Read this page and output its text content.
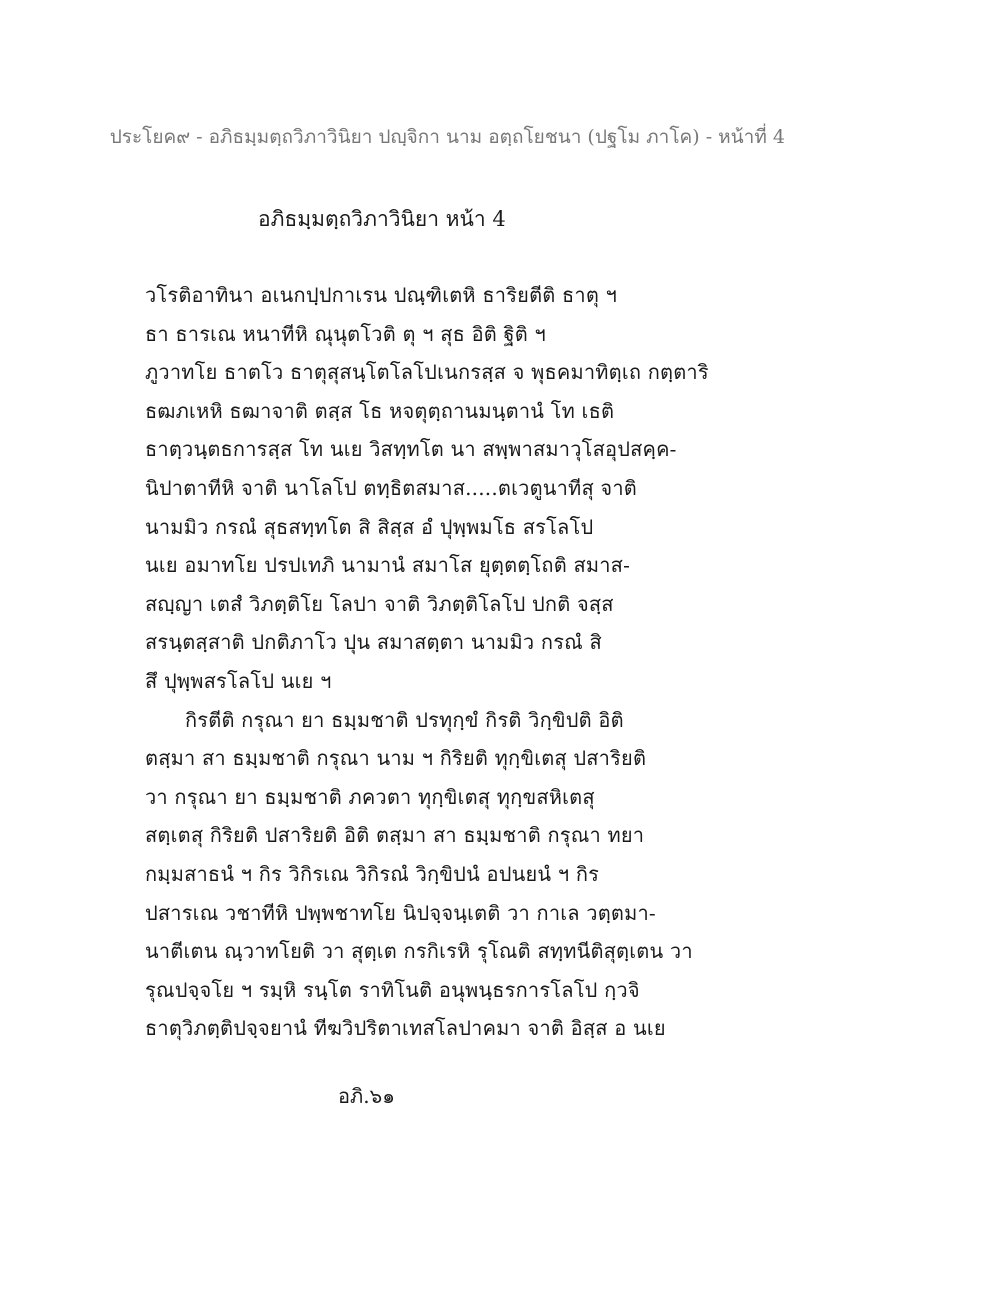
ประโยค๙ - อภิธมฺมตฺถวิภาวินิยา ปญฺจิกา นาม อตฺถโยชนา (ปฐโม ภาโค) - หน้าที่ 4
อภิธมฺมตฺถวิภาวินิยา หน้า 4
วโรติอาทินา อเนกปฺปกาเรน ปณฺฑิเตหิ ธาริยตีติ ธาตุ ฯ
ธา ธารเณ หนาทีหิ ณุนุตโวติ ตุ ฯ สุธ อิติ ฐิติ ฯ
ภูวาทโย ธาตโว ธาตุสุสนฺโตโลโปเนกรสฺส จ พุธคมาทิตฺเถ กตฺตาริ
ธฒภเหหิ ธฒาจาติ ตสฺส โธ หจตุตฺถานมนฺตานํ โท เธติ
ธาตฺวนฺตธการสฺส โท นเย วิสทฺทโต นา สพฺพาสมาวุโสอุปสคฺค-
นิปาตาทีหิ จาติ นาโลโป ตทฺธิตสมาส.....ตเวตูนาทีสุ จาติ
นามมิว กรณํ สุธสทฺทโต สิ สิสฺส อํ ปุพฺพมโธ สรโลโป
นเย อมาทโย ปรปเทภิ นามานํ สมาโส ยุตฺตตฺโถติ สมาส-
สญฺญา เตสํ วิภตฺติโย โลปา จาติ วิภตฺติโลโป ปกติ จสฺส
สรนฺตสฺสาติ ปกติภาโว ปุน สมาสตฺตา นามมิว กรณํ สิ
สึ ปุพฺพสรโลโป นเย ฯ
กิรตีติ กรุณา ยา ธมฺมชาติ ปรทุกฺขํ กิรติ วิกฺขิปติ อิติ
ตสฺมา สา ธมฺมชาติ กรุณา นาม ฯ กิริยติ ทุกฺขิเตสุ ปสาริยติ
วา กรุณา ยา ธมฺมชาติ ภควตา ทุกฺขิเตสุ ทุกฺขสหิเตสุ
สตฺเตสุ กิริยติ ปสาริยติ อิติ ตสฺมา สา ธมฺมชาติ กรุณา ทยา
กมฺมสาธนํ ฯ กิร วิกิรเณ วิกิรณํ วิกฺขิปนํ อปนยนํ ฯ กิร
ปสารเณ วชาทีหิ ปพฺพชาทโย นิปจฺจนฺเตติ วา กาเล วตฺตมา-
นาตีเตน ณฺวาทโยติ วา สุตฺเต กรกิเรหิ รุโณติ สทฺทนีติสุตฺเตน วา
รุณปจฺจโย ฯ รมฺหิ รนฺโต ราทิโนติ อนุพนฺธรการโลโป กฺวจิ
ธาตุวิภตฺติปจฺจยานํ ทีฆวิปริตาเทสโลปาคมา จาติ อิสฺส อ นเย
อภิ.๖๑
